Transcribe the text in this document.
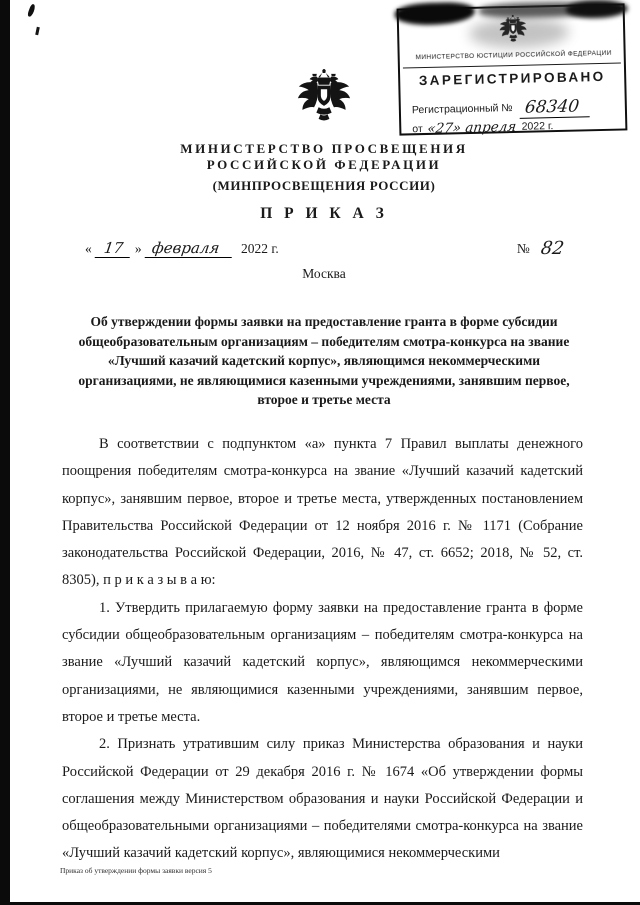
МИНИСТЕРСТВО ЮСТИЦИИ РОССИЙСКОЙ ФЕДЕРАЦИИ
ЗАРЕГИСТРИРОВАНО
Регистрационный № 68340
от «27» апреля 2022 г.
МИНИСТЕРСТВО ПРОСВЕЩЕНИЯ
РОССИЙСКОЙ ФЕДЕРАЦИИ
(МИНПРОСВЕЩЕНИЯ РОССИИ)
П Р И К А З
« 17 » февраля	2022 г.	№ 82
Москва
Об утверждении формы заявки на предоставление гранта в форме субсидии общеобразовательным организациям – победителям смотра-конкурса на звание «Лучший казачий кадетский корпус», являющимся некоммерческими организациями, не являющимися казенными учреждениями, занявшим первое, второе и третье места

В соответствии с подпунктом «а» пункта 7 Правил выплаты денежного поощрения победителям смотра-конкурса на звание «Лучший казачий кадетский корпус», занявшим первое, второе и третье места, утвержденных постановлением Правительства Российской Федерации от 12 ноября 2016 г. № 1171 (Собрание законодательства Российской Федерации, 2016, № 47, ст. 6652; 2018, № 52, ст. 8305), п р и к а з ы в а ю:

1. Утвердить прилагаемую форму заявки на предоставление гранта в форме субсидии общеобразовательным организациям – победителям смотра-конкурса на звание «Лучший казачий кадетский корпус», являющимся некоммерческими организациями, не являющимися казенными учреждениями, занявшим первое, второе и третье места.

2. Признать утратившим силу приказ Министерства образования и науки Российской Федерации от 29 декабря 2016 г. № 1674 «Об утверждении формы соглашения между Министерством образования и науки Российской Федерации и общеобразовательными организациями – победителями смотра-конкурса на звание «Лучший казачий кадетский корпус», являющимися некоммерческими

Приказ об утверждении формы заявки версия 5
